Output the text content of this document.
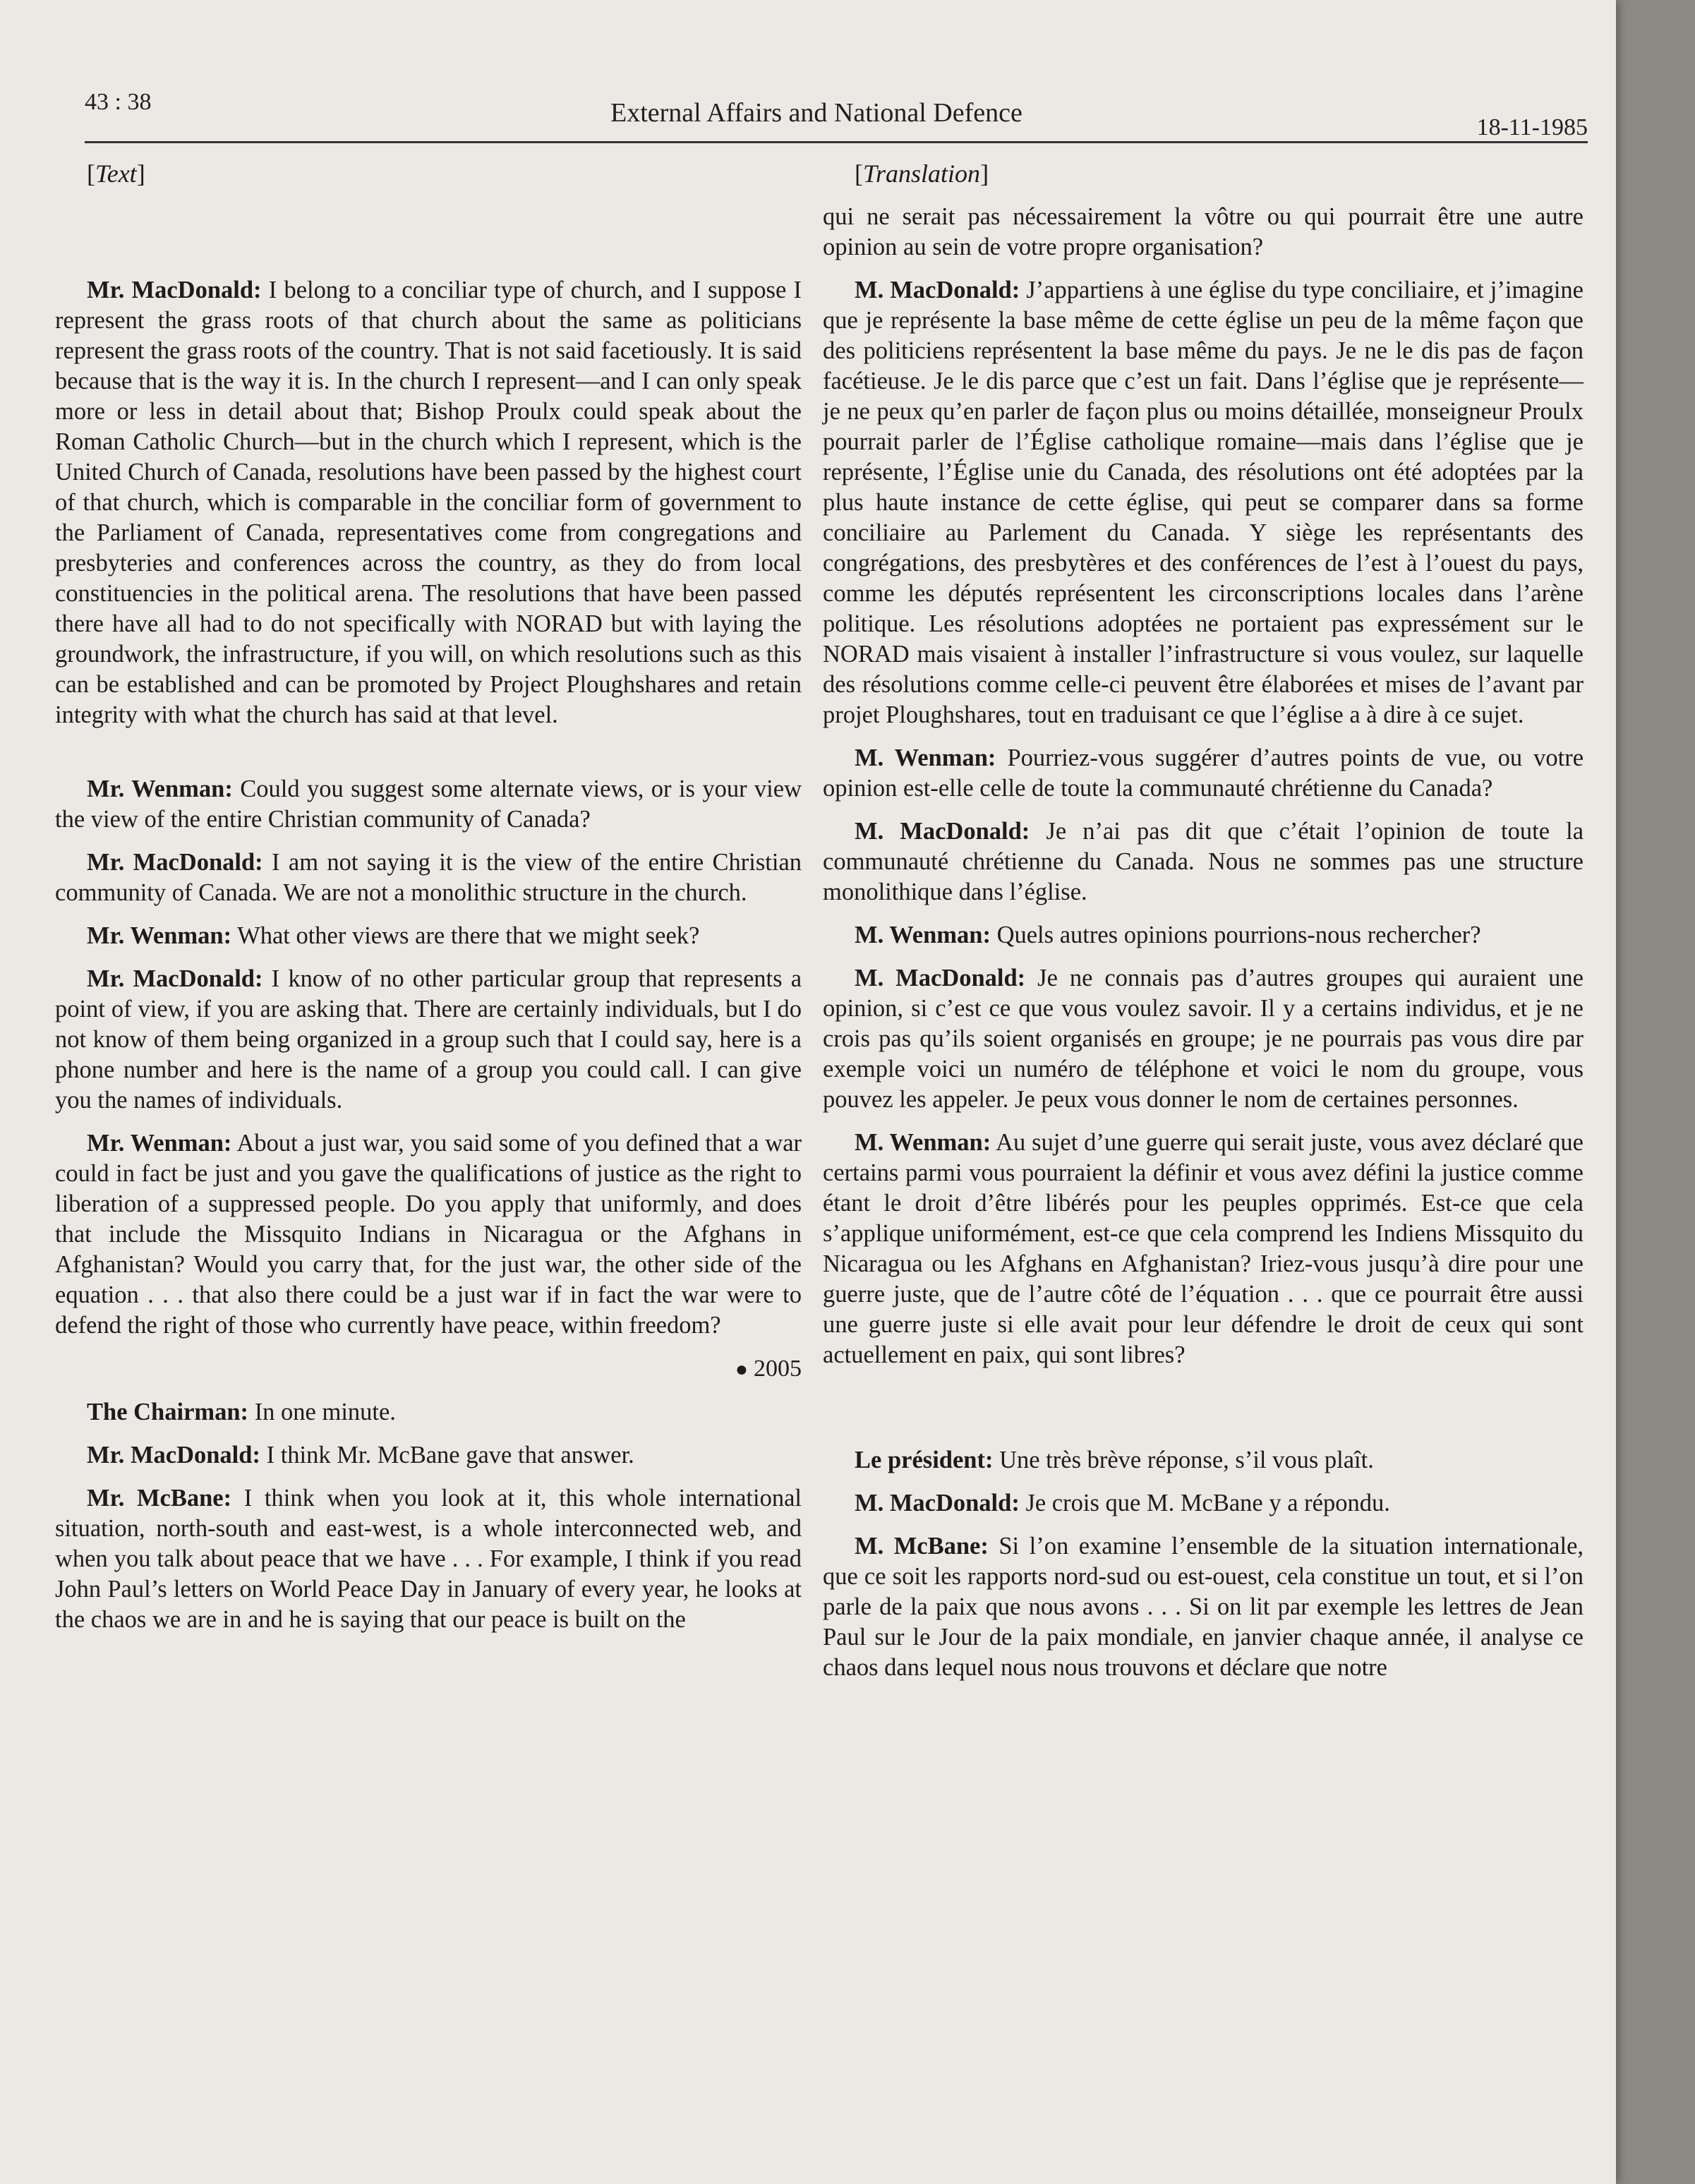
43 : 38	External Affairs and National Defence	18-11-1985

[Text]

Mr. MacDonald: I belong to a conciliar type of church, and I suppose I represent the grass roots of that church about the same as politicians represent the grass roots of the country. That is not said facetiously. It is said because that is the way it is. In the church I represent—and I can only speak more or less in detail about that; Bishop Proulx could speak about the Roman Catholic Church—but in the church which I represent, which is the United Church of Canada, resolutions have been passed by the highest court of that church, which is comparable in the conciliar form of government to the Parliament of Canada, representatives come from congregations and presbyteries and conferences across the country, as they do from local constituencies in the political arena. The resolutions that have been passed there have all had to do not specifically with NORAD but with laying the groundwork, the infrastructure, if you will, on which resolutions such as this can be established and can be promoted by Project Ploughshares and retain integrity with what the church has said at that level.

Mr. Wenman: Could you suggest some alternate views, or is your view the view of the entire Christian community of Canada?

Mr. MacDonald: I am not saying it is the view of the entire Christian community of Canada. We are not a monolithic structure in the church.

Mr. Wenman: What other views are there that we might seek?

Mr. MacDonald: I know of no other particular group that represents a point of view, if you are asking that. There are certainly individuals, but I do not know of them being organized in a group such that I could say, here is a phone number and here is the name of a group you could call. I can give you the names of individuals.

Mr. Wenman: About a just war, you said some of you defined that a war could in fact be just and you gave the qualifications of justice as the right to liberation of a suppressed people. Do you apply that uniformly, and does that include the Missquito Indians in Nicaragua or the Afghans in Afghanistan? Would you carry that, for the just war, the other side of the equation . . . that also there could be a just war if in fact the war were to defend the right of those who currently have peace, within freedom?

● 2005

The Chairman: In one minute.

Mr. MacDonald: I think Mr. McBane gave that answer.

Mr. McBane: I think when you look at it, this whole international situation, north-south and east-west, is a whole interconnected web, and when you talk about peace that we have . . . For example, I think if you read John Paul’s letters on World Peace Day in January of every year, he looks at the chaos we are in and he is saying that our peace is built on the

[Translation]

qui ne serait pas nécessairement la vôtre ou qui pourrait être une autre opinion au sein de votre propre organisation?

M. MacDonald: J’appartiens à une église du type conciliaire, et j’imagine que je représente la base même de cette église un peu de la même façon que des politiciens représentent la base même du pays. Je ne le dis pas de façon facétieuse. Je le dis parce que c’est un fait. Dans l’église que je représente—je ne peux qu’en parler de façon plus ou moins détaillée, monseigneur Proulx pourrait parler de l’Église catholique romaine—mais dans l’église que je représente, l’Église unie du Canada, des résolutions ont été adoptées par la plus haute instance de cette église, qui peut se comparer dans sa forme conciliaire au Parlement du Canada. Y siège les représentants des congrégations, des presbytères et des conférences de l’est à l’ouest du pays, comme les députés représentent les circonscriptions locales dans l’arène politique. Les résolutions adoptées ne portaient pas expressément sur le NORAD mais visaient à installer l’infrastructure si vous voulez, sur laquelle des résolutions comme celle-ci peuvent être élaborées et mises de l’avant par projet Ploughshares, tout en traduisant ce que l’église a à dire à ce sujet.

M. Wenman: Pourriez-vous suggérer d’autres points de vue, ou votre opinion est-elle celle de toute la communauté chrétienne du Canada?

M. MacDonald: Je n’ai pas dit que c’était l’opinion de toute la communauté chrétienne du Canada. Nous ne sommes pas une structure monolithique dans l’église.

M. Wenman: Quels autres opinions pourrions-nous rechercher?

M. MacDonald: Je ne connais pas d’autres groupes qui auraient une opinion, si c’est ce que vous voulez savoir. Il y a certains individus, et je ne crois pas qu’ils soient organisés en groupe; je ne pourrais pas vous dire par exemple voici un numéro de téléphone et voici le nom du groupe, vous pouvez les appeler. Je peux vous donner le nom de certaines personnes.

M. Wenman: Au sujet d’une guerre qui serait juste, vous avez déclaré que certains parmi vous pourraient la définir et vous avez défini la justice comme étant le droit d’être libérés pour les peuples opprimés. Est-ce que cela s’applique uniformément, est-ce que cela comprend les Indiens Missquito du Nicaragua ou les Afghans en Afghanistan? Iriez-vous jusqu’à dire pour une guerre juste, que de l’autre côté de l’équation . . . que ce pourrait être aussi une guerre juste si elle avait pour leur défendre le droit de ceux qui sont actuellement en paix, qui sont libres?

Le président: Une très brève réponse, s’il vous plaît.

M. MacDonald: Je crois que M. McBane y a répondu.

M. McBane: Si l’on examine l’ensemble de la situation internationale, que ce soit les rapports nord-sud ou est-ouest, cela constitue un tout, et si l’on parle de la paix que nous avons . . . Si on lit par exemple les lettres de Jean Paul sur le Jour de la paix mondiale, en janvier chaque année, il analyse ce chaos dans lequel nous nous trouvons et déclare que notre
